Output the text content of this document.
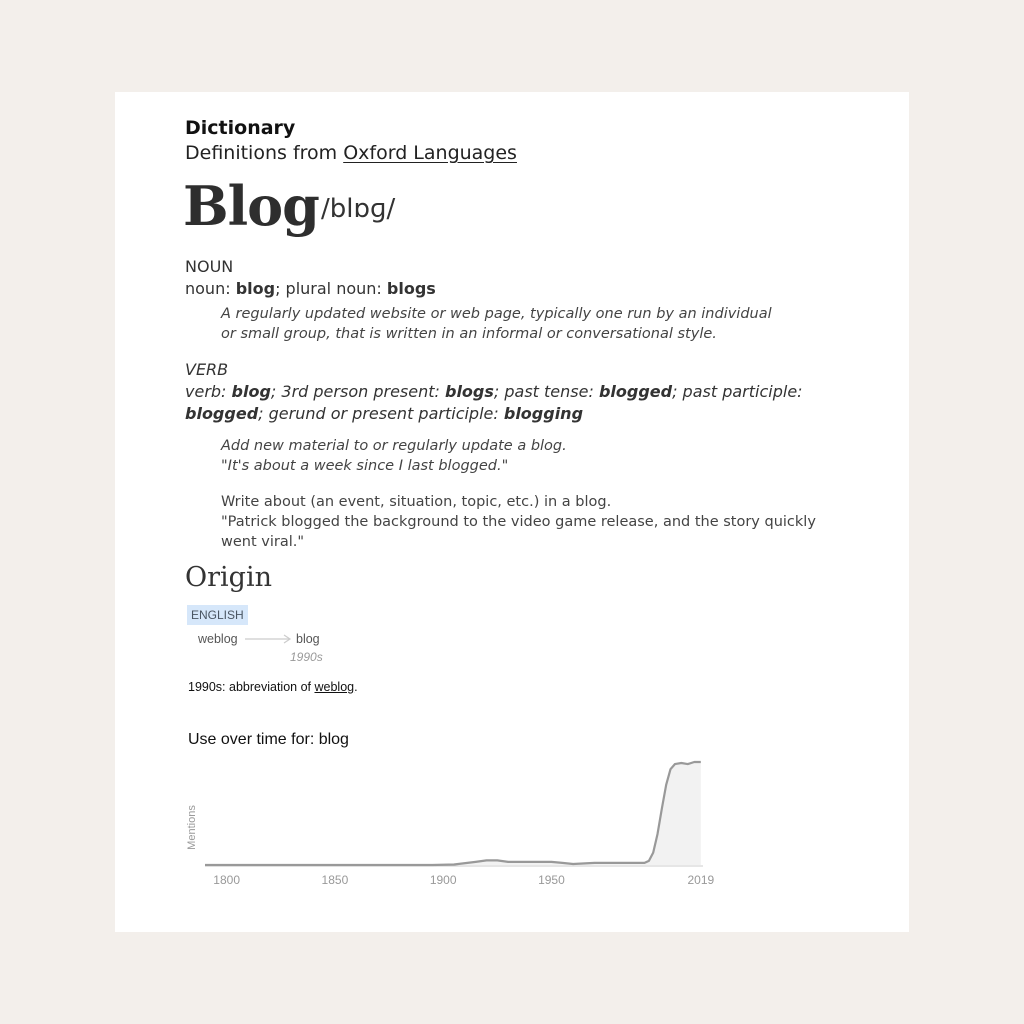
Dictionary
Definitions from Oxford Languages
Blog /blɒɡ/
NOUN
noun: blog; plural noun: blogs
A regularly updated website or web page, typically one run by an individual
or small group, that is written in an informal or conversational style.
VERB
verb: blog; 3rd person present: blogs; past tense: blogged; past participle:
blogged; gerund or present participle: blogging
Add new material to or regularly update a blog.
"It's about a week since I last blogged."
Write about (an event, situation, topic, etc.) in a blog.
"Patrick blogged the background to the video game release, and the story quickly
went viral."
Origin
ENGLISH
weblog	blog
1990s
1990s: abbreviation of weblog.
Use over time for: blog
1800	1850	1900	1950	2019
Mentions
